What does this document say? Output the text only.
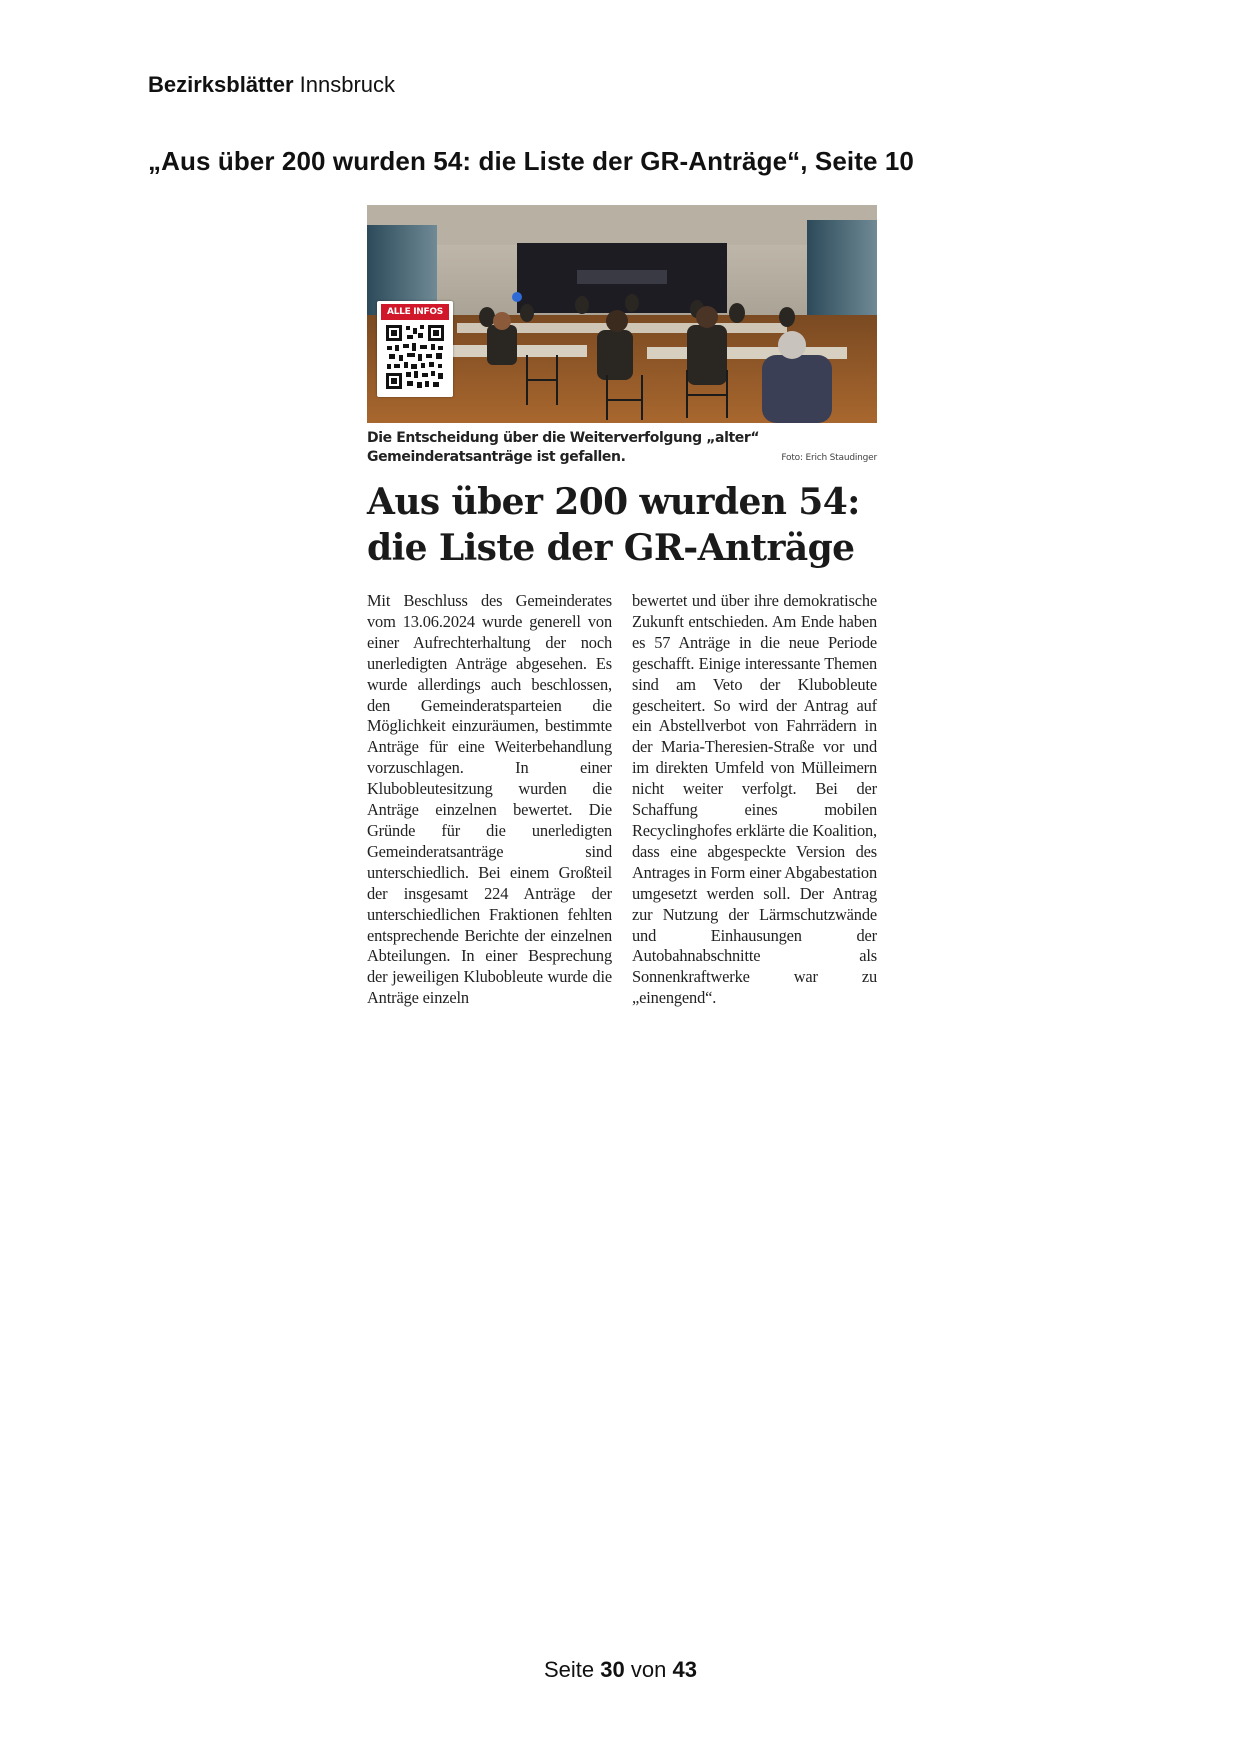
Bezirksblätter Innsbruck
„Aus über 200 wurden 54: die Liste der GR-Anträge“, Seite 10
ALLE INFOS
Die Entscheidung über die Weiterverfolgung „alter“ Gemeinderatsanträge ist gefallen.	Foto: Erich Staudinger
Aus über 200 wurden 54:
die Liste der GR-Anträge
Mit Beschluss des Gemeinderates vom 13.06.2024 wurde generell von einer Aufrechterhaltung der noch unerledigten Anträge abgesehen. Es wurde allerdings auch beschlossen, den Gemeinderatsparteien die Möglichkeit einzuräumen, bestimmte Anträge für eine Weiterbehandlung vorzuschlagen. In einer Klubobleutesitzung wurden die Anträge einzelnen bewertet. Die Gründe für die unerledigten Gemeinderatsanträge sind unterschiedlich. Bei einem Großteil der insgesamt 224 Anträge der unterschiedlichen Fraktionen fehlten entsprechende Berichte der einzelnen Abteilungen. In einer Besprechung der jeweiligen Klubobleute wurde die Anträge einzeln
bewertet und über ihre demokratische Zukunft entschieden. Am Ende haben es 57 Anträge in die neue Periode geschafft. Einige interessante Themen sind am Veto der Klubobleute gescheitert. So wird der Antrag auf ein Abstellverbot von Fahrrädern in der Maria-Theresien-Straße vor und im direkten Umfeld von Mülleimern nicht weiter verfolgt. Bei der Schaffung eines mobilen Recyclinghofes erklärte die Koalition, dass eine abgespeckte Version des Antrages in Form einer Abgabestation umgesetzt werden soll. Der Antrag zur Nutzung der Lärmschutzwände und Einhausungen der Autobahnabschnitte als Sonnenkraftwerke war zu „einengend“.
Seite 30 von 43
